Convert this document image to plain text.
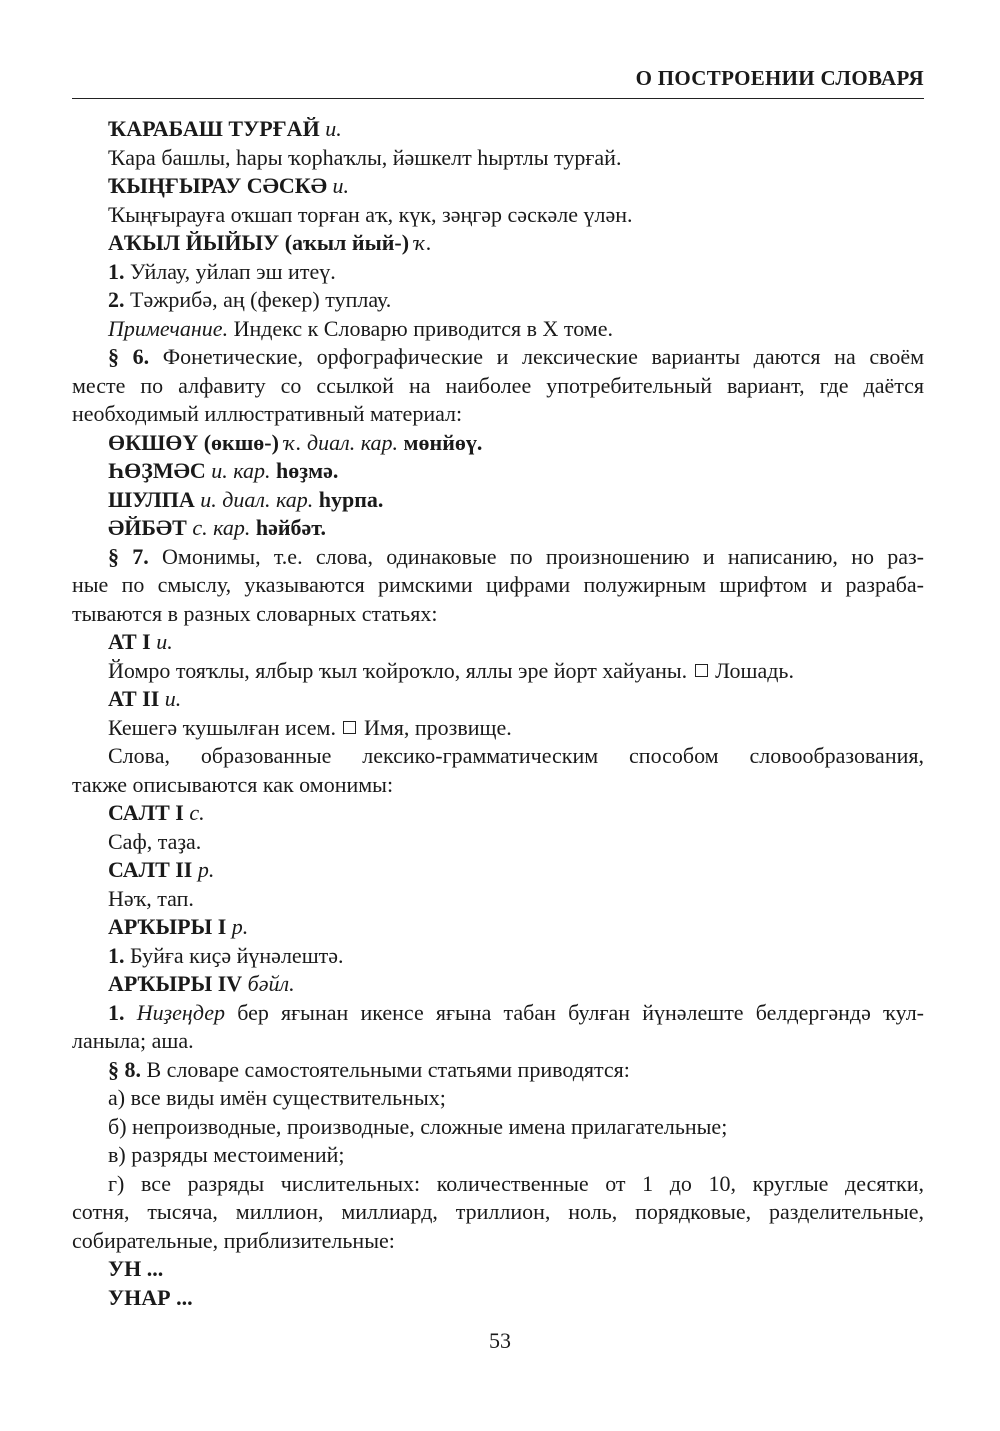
О ПОСТРОЕНИИ СЛОВАРЯ
ҠАРАБАШ ТУРҒАЙ и.
Ҡара башлы, һары ҡорһаҡлы, йәшкелт һыртлы турғай.
ҠЫҢҒЫРАУ СӘСКӘ и.
Ҡыңғырауға оҡшап торған аҡ, күк, зәңгәр сәскәле үлән.
АҠЫЛ ЙЫЙЫУ (аҡыл йый-) ҡ.
1. Уйлау, уйлап эш итеү.
2. Тәжрибә, аң (фекер) туплау.
Примечание. Индекс к Словарю приводится в X томе.
§ 6. Фонетические, орфографические и лексические варианты даются на своём
месте по алфавиту со ссылкой на наиболее употребительный вариант, где даётся
необходимый иллюстративный материал:
ӨКШӨҮ (өкшө-) ҡ. диал. кар. мөнйөү.
ҺӨҘМӘС и. кар. һөҙмә.
ШУЛПА и. диал. кар. һурпа.
ӘЙБӘТ с. кар. һәйбәт.
§ 7. Омонимы, т.е. слова, одинаковые по произношению и написанию, но раз-
ные по смыслу, указываются римскими цифрами полужирным шрифтом и разраба-
тываются в разных словарных статьях:
АТ I и.
Йомро тояҡлы, ялбыр ҡыл ҡойроҡло, яллы эре йорт хайуаны. Лошадь.
АТ II и.
Кешегә ҡушылған исем. Имя, прозвище.
Слова, образованные лексико-грамматическим способом словообразования,
также описываются как омонимы:
САЛТ I с.
Саф, таҙа.
САЛТ II р.
Нәҡ, тап.
АРҠЫРЫ I р.
1. Буйға киҫә йүнәлештә.
АРҠЫРЫ IV бәйл.
1. Ниҙеңдер бер яғынан икенсе яғына табан булған йүнәлеште белдергәндә ҡул-
ланыла; аша.
§ 8. В словаре самостоятельными статьями приводятся:
а) все виды имён существительных;
б) непроизводные, производные, сложные имена прилагательные;
в) разряды местоимений;
г) все разряды числительных: количественные от 1 до 10, круглые десятки,
сотня, тысяча, миллион, миллиард, триллион, ноль, порядковые, разделительные,
собирательные, приблизительные:
УН ...
УНАР ...
53
